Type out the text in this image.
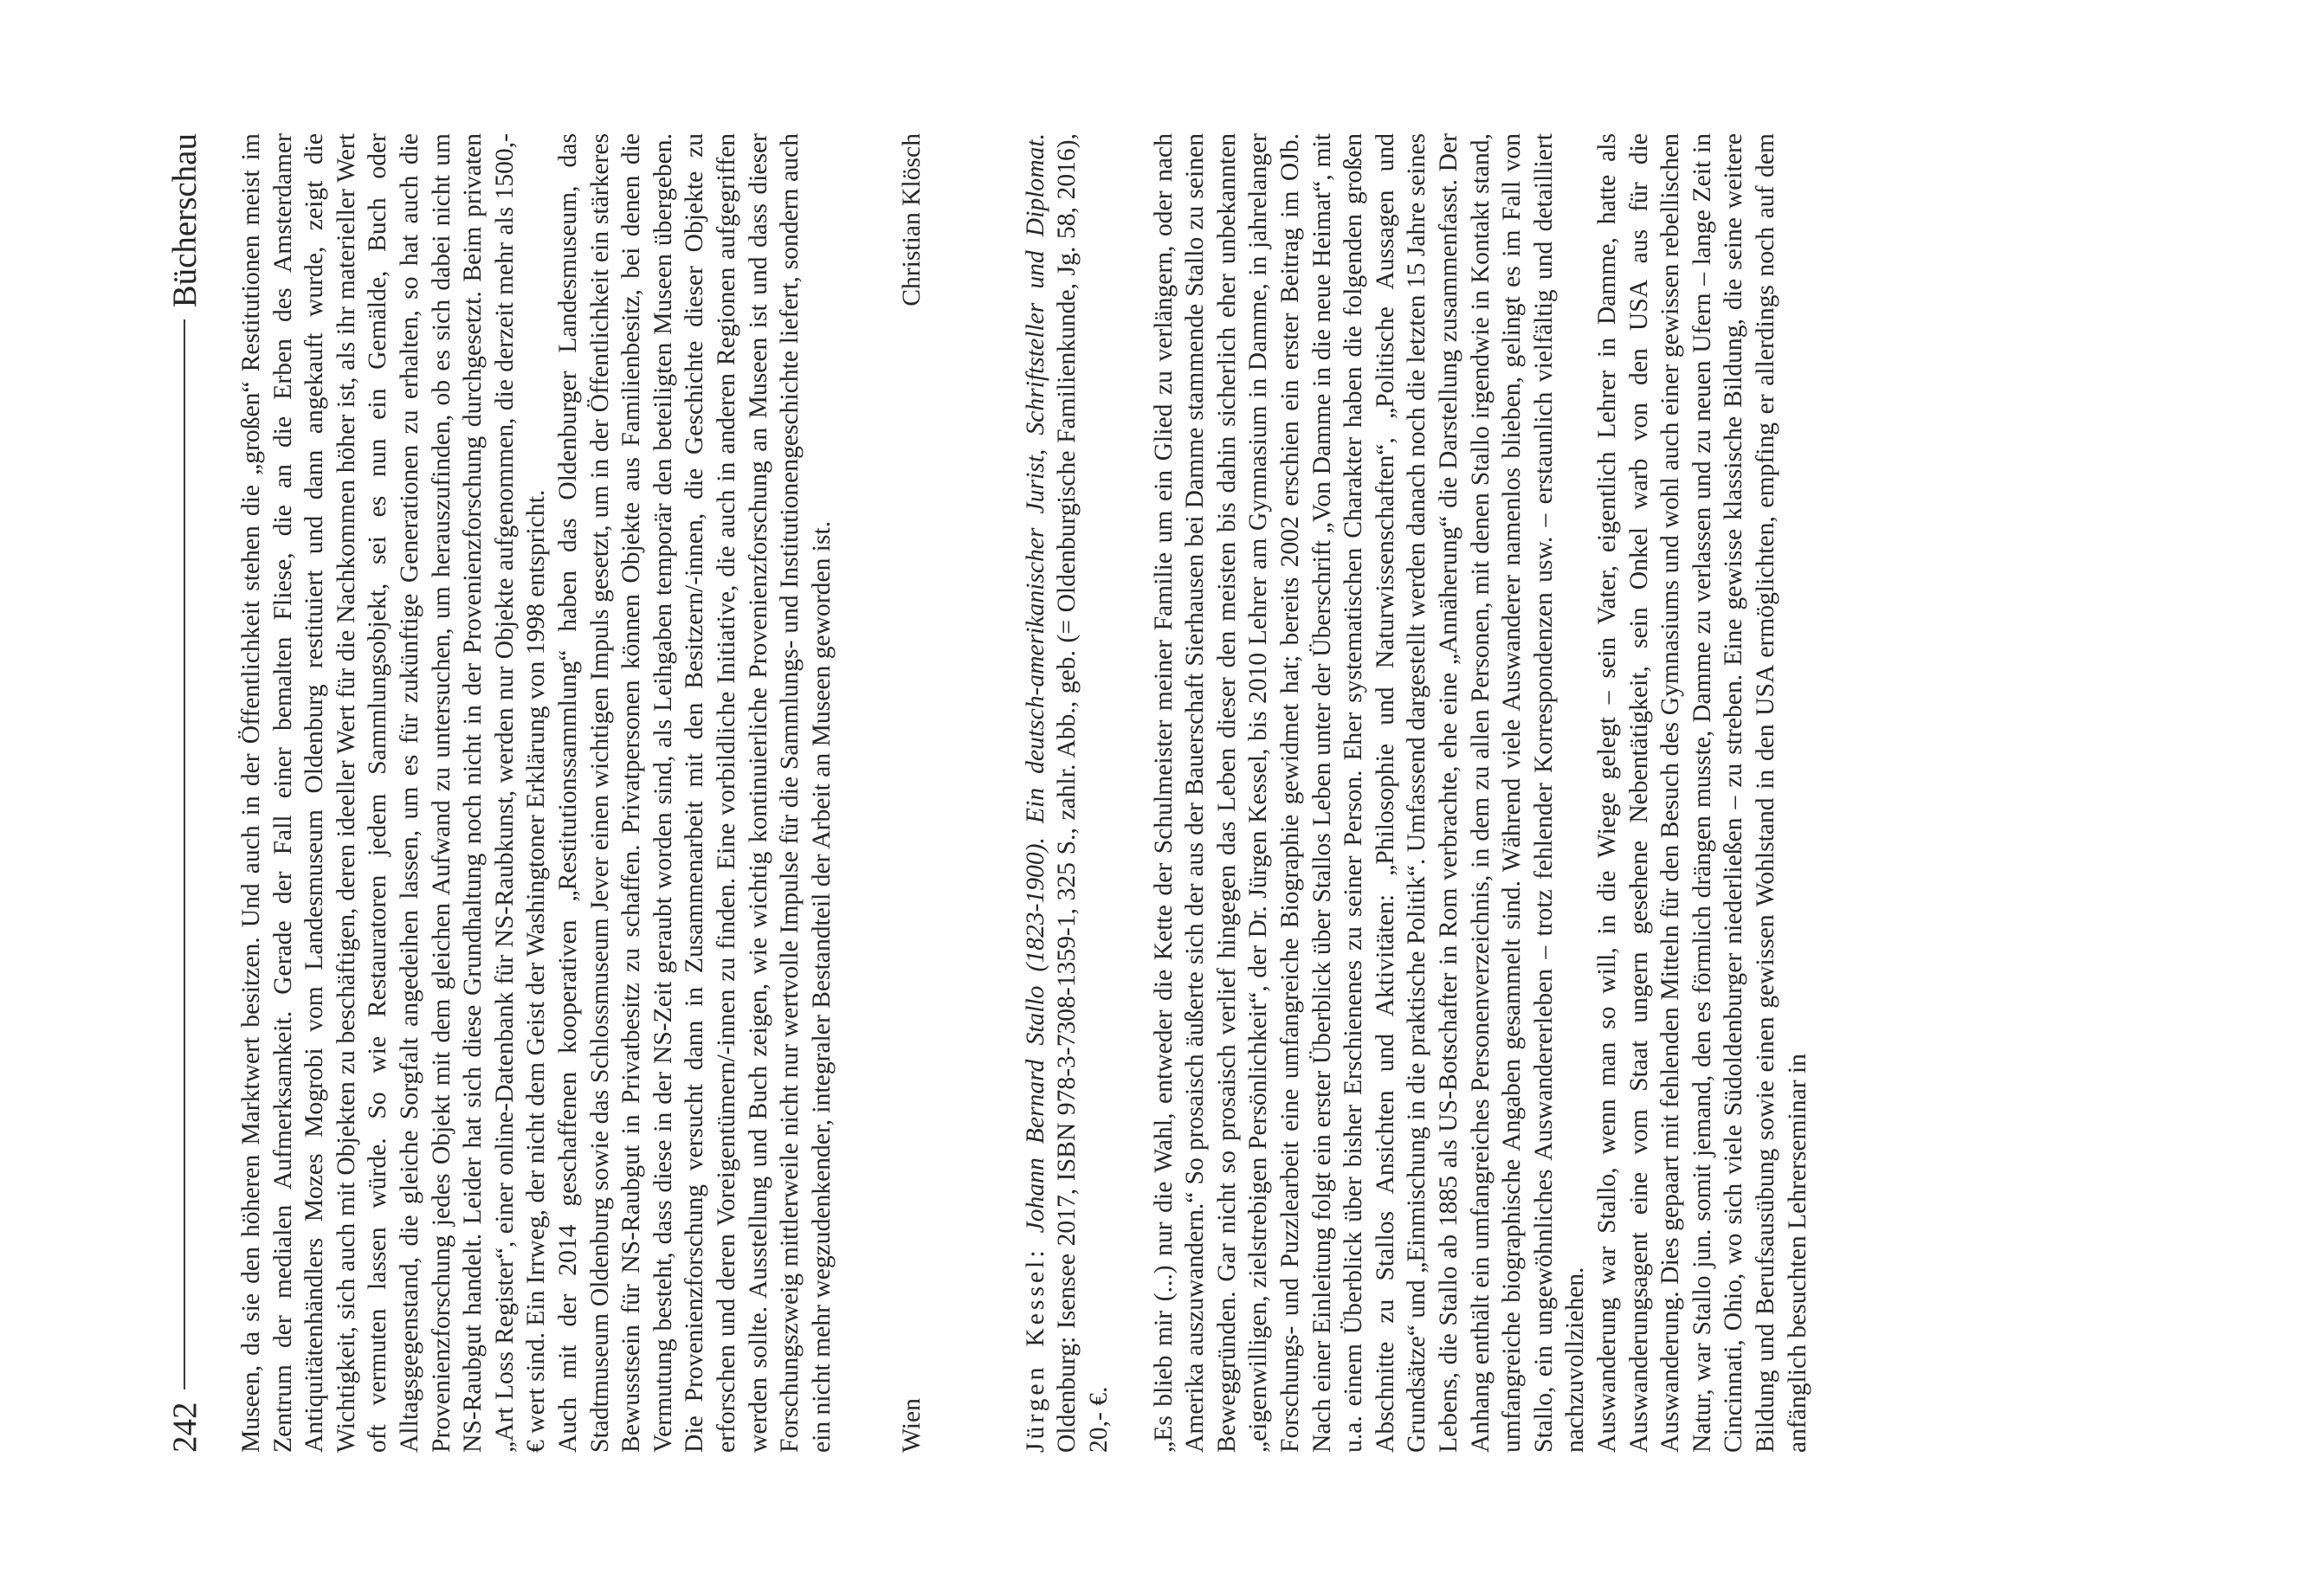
242
Bücherschau Museen, da sie den höheren Marktwert besitzen. Und auch in der Öffentlichkeit stehen die „großen“ Restitutionen meist im Zentrum der medialen Aufmerksamkeit. Gerade der Fall einer bemalten Fliese, die an die Erben des Amsterdamer Antiquitätenhändlers Mozes Mogrobi vom Landesmuseum Oldenburg restituiert und dann angekauft wurde, zeigt die Wichtigkeit, sich auch mit Objekten zu beschäftigen, deren ideeller Wert für die Nachkommen höher ist, als ihr materieller Wert oft vermuten lassen würde. So wie Restauratoren jedem Sammlungsobjekt, sei es nun ein Gemälde, Buch oder Alltagsgegenstand, die gleiche Sorgfalt angedeihen lassen, um es für zukünftige Generationen zu erhalten, so hat auch die Provenienzforschung jedes Objekt mit dem gleichen Aufwand zu untersuchen, um herauszufinden, ob es sich dabei nicht um NS-Raubgut handelt. Leider hat sich diese Grundhaltung noch nicht in der Provenienzforschung durchgesetzt. Beim privaten „Art Loss Register“, einer online-Datenbank für NS-Raubkunst, werden nur Objekte aufgenommen, die derzeit mehr als 1500,- € wert sind. Ein Irrweg, der nicht dem Geist der Washingtoner Erklärung von 1998 entspricht. Auch mit der 2014 geschaffenen kooperativen „Restitutionssammlung“ haben das Oldenburger Landesmuseum, das Stadtmuseum Oldenburg sowie das Schlossmuseum Jever einen wichtigen Impuls gesetzt, um in der Öffentlichkeit ein stärkeres Bewusstsein für NS-Raubgut in Privatbesitz zu schaffen. Privatpersonen können Objekte aus Familienbesitz, bei denen die Vermutung besteht, dass diese in der NS-Zeit geraubt worden sind, als Leihgaben temporär den beteiligten Museen übergeben. Die Provenienzforschung versucht dann in Zusammenarbeit mit den Besitzern/-innen, die Geschichte dieser Objekte zu erforschen und deren Voreigentümern/-innen zu finden. Eine vorbildliche Initiative, die auch in anderen Regionen aufgegriffen werden sollte. Ausstellung und Buch zeigen, wie wichtig kontinuierliche Provenienzforschung an Museen ist und dass dieser Forschungszweig mittlerweile nicht nur wertvolle Impulse für die Sammlungs- und Institutionengeschichte liefert, sondern auch ein nicht mehr wegzudenkender, integraler Bestandteil der Arbeit an Museen geworden ist. Wien
Christian Klösch

Jürgen Kessel: Johann Bernard Stallo (1823-1900). Ein deutsch-amerikanischer Jurist, Schriftsteller und Diplomat. Oldenburg: Isensee 2017, ISBN 978-3-7308-1359-1, 325 S., zahlr. Abb., geb. (= Oldenburgische Familienkunde, Jg. 58, 2016), 20,- €. „Es blieb mir (...) nur die Wahl, entweder die Kette der Schulmeister meiner Familie um ein Glied zu verlängern, oder nach Amerika auszuwandern.“ So prosaisch äußerte sich der aus der Bauerschaft Sierhausen bei Damme stammende Stallo zu seinen Beweggründen. Gar nicht so prosaisch verlief hingegen das Leben dieser den meisten bis dahin sicherlich eher unbekannten „eigenwilligen, zielstrebigen Persönlichkeit“, der Dr. Jürgen Kessel, bis 2010 Lehrer am Gymnasium in Damme, in jahrelanger Forschungs- und Puzzlearbeit eine umfangreiche Biographie gewidmet hat; bereits 2002 erschien ein erster Beitrag im OJb. Nach einer Einleitung folgt ein erster Überblick über Stallos Leben unter der Überschrift „Von Damme in die neue Heimat“, mit u.a. einem Überblick über bisher Erschienenes zu seiner Person. Eher systematischen Charakter haben die folgenden großen Abschnitte zu Stallos Ansichten und Aktivitäten: „Philosophie und Naturwissenschaften“, „Politische Aussagen und Grundsätze“ und „Einmischung in die praktische Politik“. Umfassend dargestellt werden danach noch die letzten 15 Jahre seines Lebens, die Stallo ab 1885 als US-Botschafter in Rom verbrachte, ehe eine „Annäherung“ die Darstellung zusammenfasst. Der Anhang enthält ein umfangreiches Personenverzeichnis, in dem zu allen Personen, mit denen Stallo irgendwie in Kontakt stand, umfangreiche biographische Angaben gesammelt sind. Während viele Auswanderer namenlos blieben, gelingt es im Fall von Stallo, ein ungewöhnliches Auswandererleben – trotz fehlender Korrespondenzen usw. – erstaunlich vielfältig und detailliert nachzuvollziehen. Auswanderung war Stallo, wenn man so will, in die Wiege gelegt – sein Vater, eigentlich Lehrer in Damme, hatte als Auswanderungsagent eine vom Staat ungern gesehene Nebentätigkeit, sein Onkel warb von den USA aus für die Auswanderung. Dies gepaart mit fehlenden Mitteln für den Besuch des Gymnasiums und wohl auch einer gewissen rebellischen Natur, war Stallo jun. somit jemand, den es förmlich drängen musste, Damme zu verlassen und zu neuen Ufern – lange Zeit in Cincinnati, Ohio, wo sich viele Südoldenburger niederließen – zu streben. Eine gewisse klassische Bildung, die seine weitere Bildung und Berufsausübung sowie einen gewissen Wohlstand in den USA ermöglichten, empfing er allerdings noch auf dem anfänglich besuchten Lehrerseminar in
